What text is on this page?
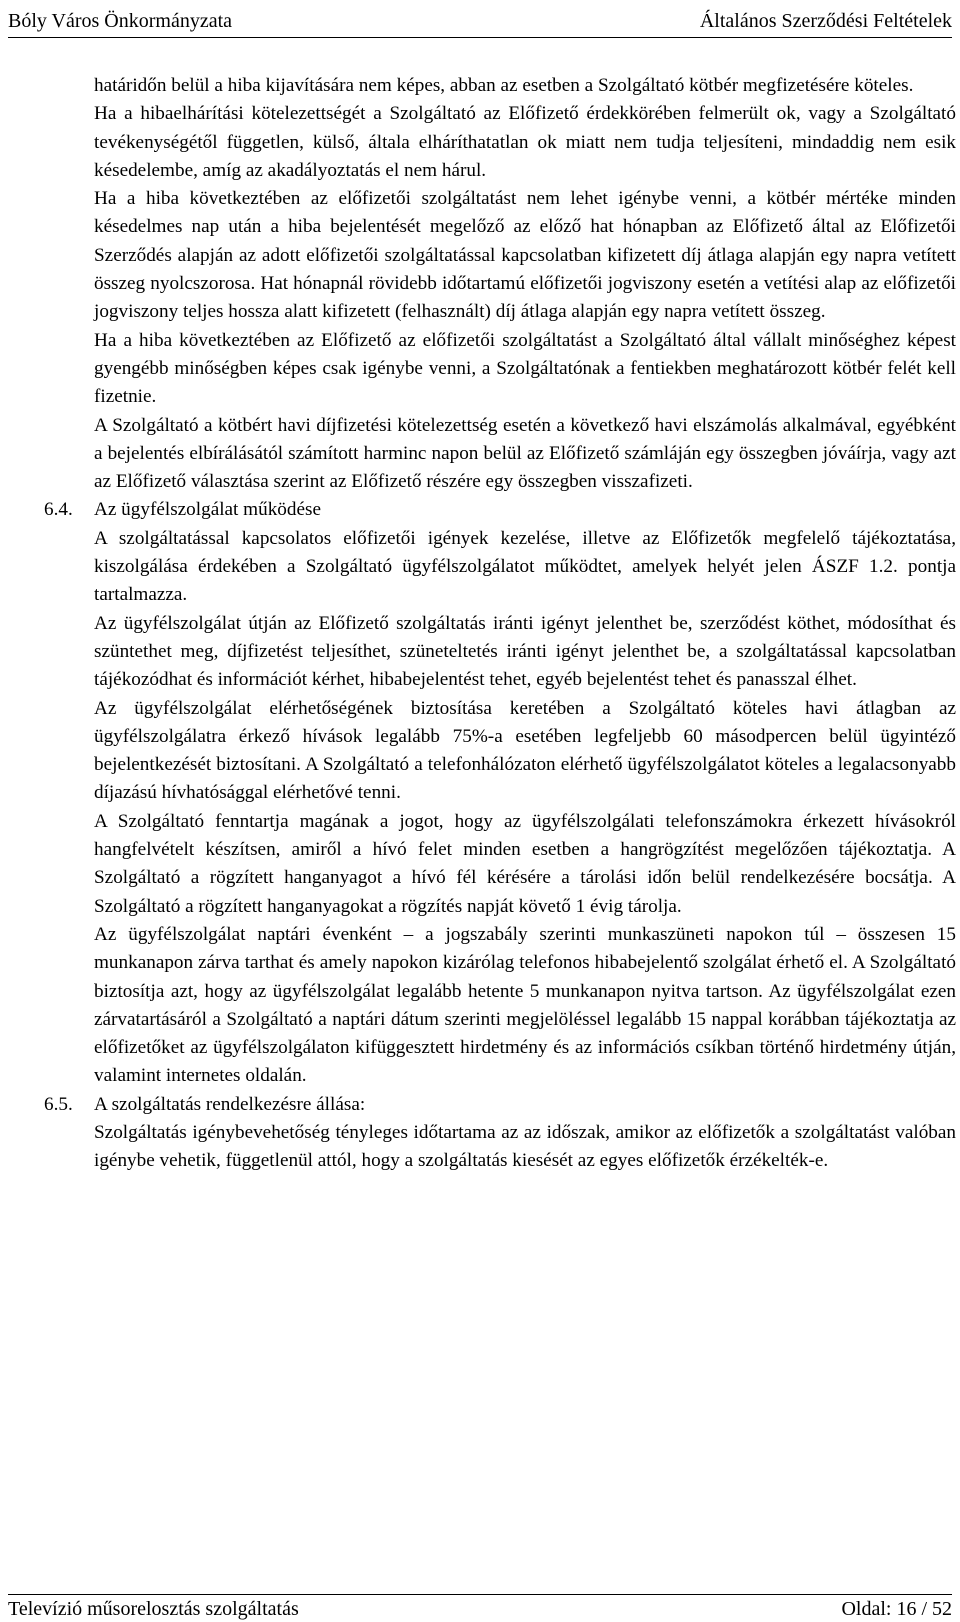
Bóly Város Önkormányzata	Általános Szerződési Feltételek

határidőn belül a hiba kijavítására nem képes, abban az esetben a Szolgáltató kötbér megfizetésére köteles.

Ha a hibaelhárítási kötelezettségét a Szolgáltató az Előfizető érdekkörében felmerült ok, vagy a Szolgáltató tevékenységétől független, külső, általa elháríthatatlan ok miatt nem tudja teljesíteni, mindaddig nem esik késedelembe, amíg az akadályoztatás el nem hárul.

Ha a hiba következtében az előfizetői szolgáltatást nem lehet igénybe venni, a kötbér mértéke minden késedelmes nap után a hiba bejelentését megelőző az előző hat hónapban az Előfizető által az Előfizetői Szerződés alapján az adott előfizetői szolgáltatással kapcsolatban kifizetett díj átlaga alapján egy napra vetített összeg nyolcszorosa. Hat hónapnál rövidebb időtartamú előfizetői jogviszony esetén a vetítési alap az előfizetői jogviszony teljes hossza alatt kifizetett (felhasznált) díj átlaga alapján egy napra vetített összeg.

Ha a hiba következtében az Előfizető az előfizetői szolgáltatást a Szolgáltató által vállalt minőséghez képest gyengébb minőségben képes csak igénybe venni, a Szolgáltatónak a fentiekben meghatározott kötbér felét kell fizetnie.

A Szolgáltató a kötbért havi díjfizetési kötelezettség esetén a következő havi elszámolás alkalmával, egyébként a bejelentés elbírálásától számított harminc napon belül az Előfizető számláján egy összegben jóváírja, vagy azt az Előfizető választása szerint az Előfizető részére egy összegben visszafizeti.

6.4. Az ügyfélszolgálat működése

A szolgáltatással kapcsolatos előfizetői igények kezelése, illetve az Előfizetők megfelelő tájékoztatása, kiszolgálása érdekében a Szolgáltató ügyfélszolgálatot működtet, amelyek helyét jelen ÁSZF 1.2. pontja tartalmazza.

Az ügyfélszolgálat útján az Előfizető szolgáltatás iránti igényt jelenthet be, szerződést köthet, módosíthat és szüntethet meg, díjfizetést teljesíthet, szüneteltetés iránti igényt jelenthet be, a szolgáltatással kapcsolatban tájékozódhat és információt kérhet, hibabejelentést tehet, egyéb bejelentést tehet és panasszal élhet.

Az ügyfélszolgálat elérhetőségének biztosítása keretében a Szolgáltató köteles havi átlagban az ügyfélszolgálatra érkező hívások legalább 75%-a esetében legfeljebb 60 másodpercen belül ügyintéző bejelentkezését biztosítani. A Szolgáltató a telefonhálózaton elérhető ügyfélszolgálatot köteles a legalacsonyabb díjazású hívhatósággal elérhetővé tenni.

A Szolgáltató fenntartja magának a jogot, hogy az ügyfélszolgálati telefonszámokra érkezett hívásokról hangfelvételt készítsen, amiről a hívó felet minden esetben a hangrögzítést megelőzően tájékoztatja. A Szolgáltató a rögzített hanganyagot a hívó fél kérésére a tárolási időn belül rendelkezésére bocsátja. A Szolgáltató a rögzített hanganyagokat a rögzítés napját követő 1 évig tárolja.

Az ügyfélszolgálat naptári évenként – a jogszabály szerinti munkaszüneti napokon túl – összesen 15 munkanapon zárva tarthat és amely napokon kizárólag telefonos hibabejelentő szolgálat érhető el. A Szolgáltató biztosítja azt, hogy az ügyfélszolgálat legalább hetente 5 munkanapon nyitva tartson. Az ügyfélszolgálat ezen zárvatartásáról a Szolgáltató a naptári dátum szerinti megjelöléssel legalább 15 nappal korábban tájékoztatja az előfizetőket az ügyfélszolgálaton kifüggesztett hirdetmény és az információs csíkban történő hirdetmény útján, valamint internetes oldalán.

6.5. A szolgáltatás rendelkezésre állása:

Szolgáltatás igénybevehetőség tényleges időtartama az az időszak, amikor az előfizetők a szolgáltatást valóban igénybe vehetik, függetlenül attól, hogy a szolgáltatás kiesését az egyes előfizetők érzékelték-e.

Televízió műsorelosztás szolgáltatás	Oldal: 16 / 52
